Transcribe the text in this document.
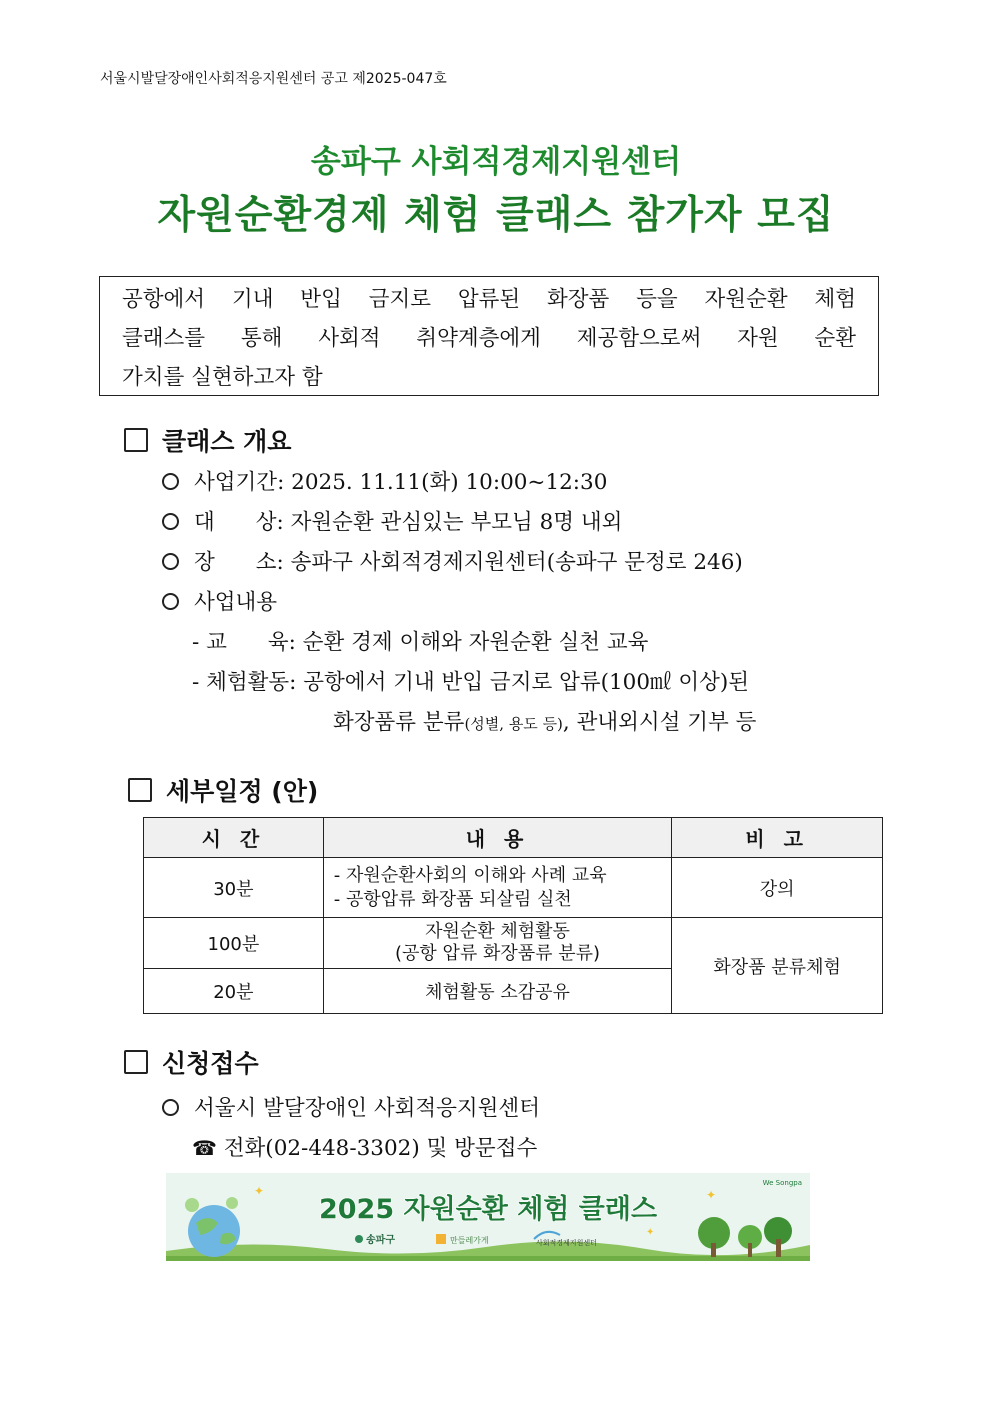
서울시발달장애인사회적응지원센터 공고 제2025-047호
송파구 사회적경제지원센터
자원순환경제 체험 클래스 참가자 모집
공항에서 기내 반입 금지로 압류된 화장품 등을 자원순환 체험
클래스를 통해 사회적 취약계층에게 제공함으로써 자원 순환
가치를 실현하고자 함
클래스 개요
사업기간: 2025. 11.11(화) 10:00~12:30
대      상: 자원순환 관심있는 부모님 8명 내외
장      소: 송파구 사회적경제지원센터(송파구 문정로 246)
사업내용
- 교      육: 순환 경제 이해와 자원순환 실천 교육
- 체험활동: 공항에서 기내 반입 금지로 압류(100㎖ 이상)된
화장품류 분류(성별, 용도 등), 관내외시설 기부 등
세부일정 (안)
시 간	내 용	비 고
30분	- 자원순환사회의 이해와 사례 교육
- 공항압류 화장품 되살림 실천	강의
100분	자원순환 체험활동
(공항 압류 화장품류 분류)	화장품 분류체험
20분	체험활동 소감공유	
신청접수
서울시 발달장애인 사회적응지원센터
☎ 전화(02-448-3302) 및 방문접수
✦	✦
✦
2025 자원순환 체험 클래스
송파구	만들레가게	사회적경제지원센터
We Songpa
